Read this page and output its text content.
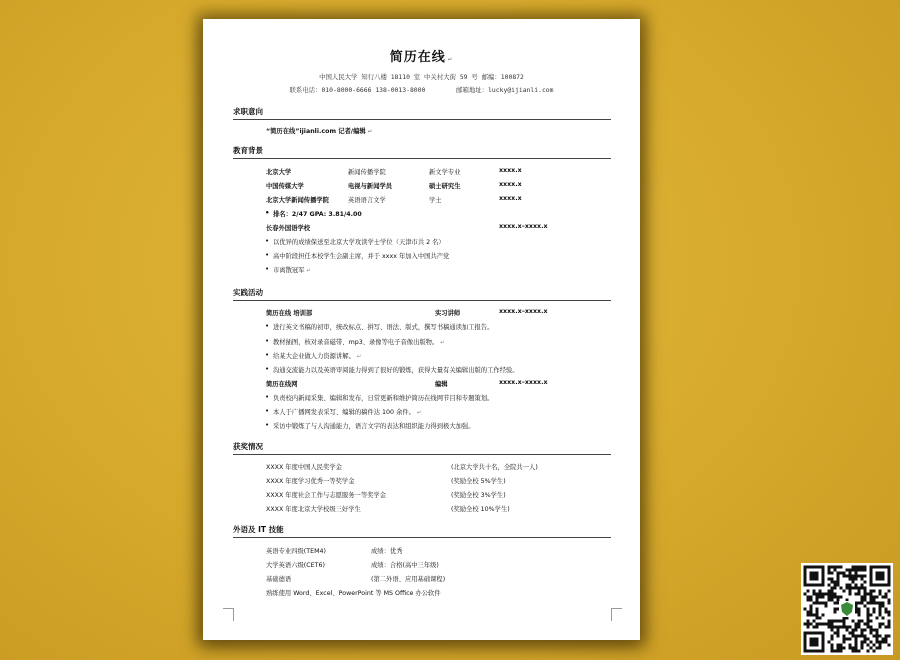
简历在线 ↵
中国人民大学 知行八楼 18110 室 中关村大街 59 号 邮编：100872
联系电话：010-8000-6666 138-0013-8000	邮箱地址：lucky@ijianli.com
求职意向
“简历在线”ijianli.com 记者/编辑 ↵
教育背景
北京大学	新闻传播学院	新文学专业	xxxx.x
中国传媒大学	电视与新闻学员	硕士研究生	xxxx.x
北京大学新闻传播学院	英语语言文学	学士	xxxx.x
• 排名：2/47 GPA: 3.81/4.00
长春外国语学校	xxxx.x–xxxx.x
• 以优异的成绩保送至北京大学攻读学士学位（天津市共 2 名）
• 高中阶段担任本校学生会副主席，并于 xxxx 年加入中国共产党
• 市离散冠军 ↵
实践活动
简历在线 培训部	实习讲师	xxxx.x–xxxx.x
• 进行英文书稿的初审，统改标点、拼写、语法、版式，撰写书稿通读加工报告。
• 教材插图，核对录音磁带、mp3、录像等电子音像出版物。 ↵
• 给某大企业做人力资源讲解。 ↵
• 沟通交流能力以及英语审阅能力得到了很好的锻炼，获得大量有关编辑出版的工作经验。
简历在线网	编辑	xxxx.x–xxxx.x
• 负责校内新闻采集、编辑和发布，日常更新和维护简历在线网节目和专题策划。
• 本人于广播网发表采写、编辑的稿件达 100 余件。 ↵
• 采访中锻炼了与人沟通能力，语言文字的表达和组织能力得到极大加强。
获奖情况
XXXX 年度中国人民奖学金	(北京大学共十名，全院共一人)
XXXX 年度学习优秀一等奖学金	(奖励全校 5%学生)
XXXX 年度社会工作与志愿服务一等奖学金	(奖励全校 3%学生)
XXXX 年度北京大学校级三好学生	(奖励全校 10%学生)
外语及 IT 技能
英语专业四级(TEM4)	成绩：优秀
大学英语六级(CET6)	成绩：合格(高中三年级)
基础德语	(第二外语、应用基础课程)
熟练使用 Word、Excel、PowerPoint 等 MS Office 办公软件
